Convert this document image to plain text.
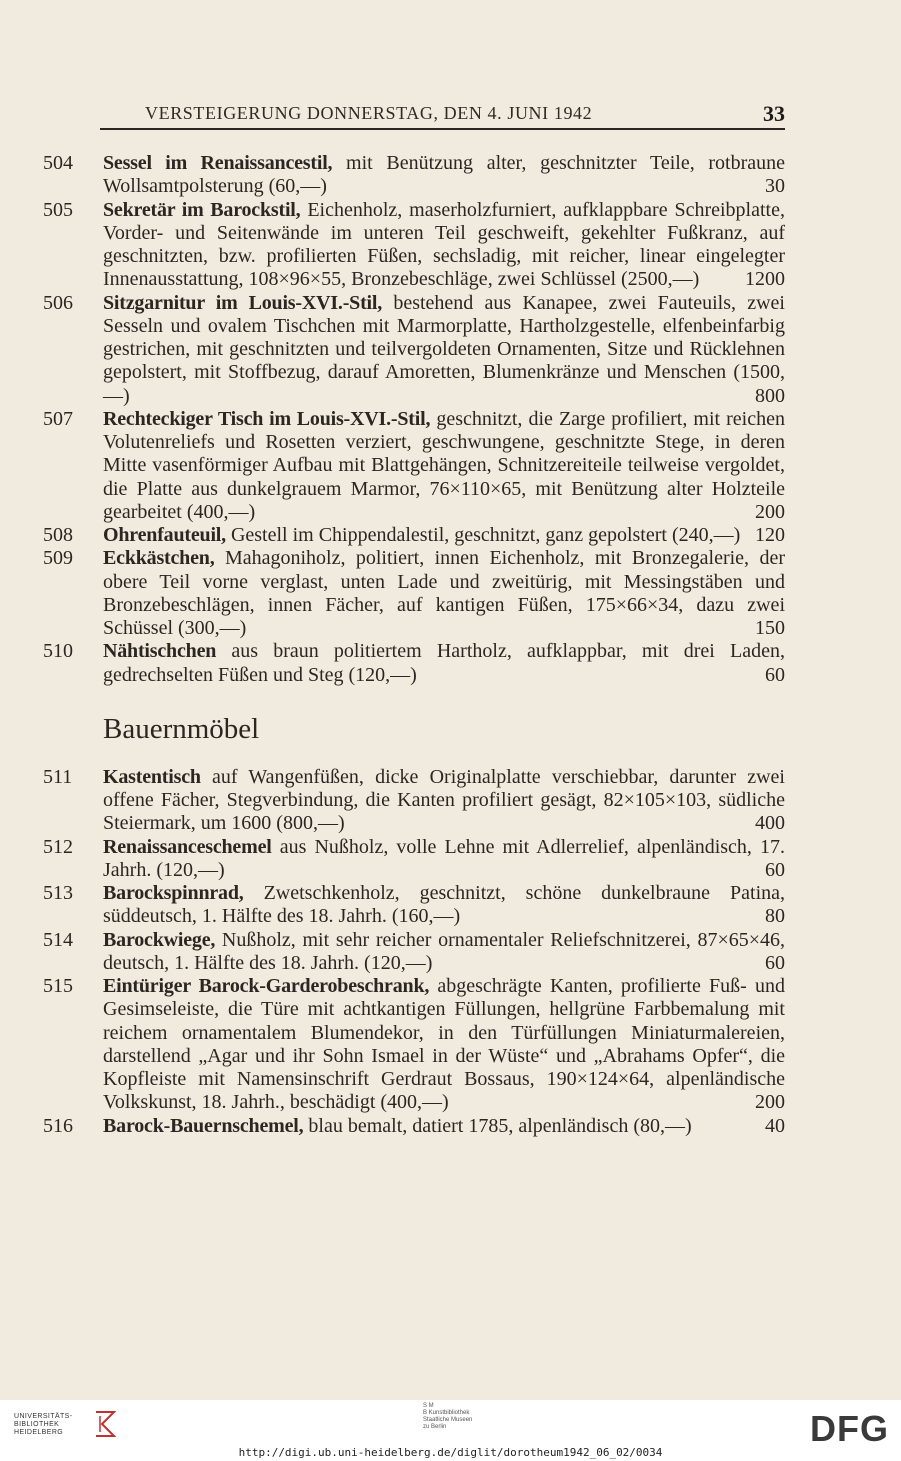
VERSTEIGERUNG DONNERSTAG, DEN 4. JUNI 1942	33
504	Sessel im Renaissancestil, mit Benützung alter, geschnitzter Teile, rotbraune Wollsamtpolsterung (60,—)	30
505	Sekretär im Barockstil, Eichenholz, maserholzfurniert, aufklappbare Schreibplatte, Vorder- und Seitenwände im unteren Teil geschweift, gekehlter Fußkranz, auf geschnitzten, bzw. profilierten Füßen, sechsladig, mit reicher, linear eingelegter Innenausstattung, 108×96×55, Bronzebeschläge, zwei Schlüssel (2500,—) 1200
506	Sitzgarnitur im Louis-XVI.-Stil, bestehend aus Kanapee, zwei Fauteuils, zwei Sesseln und ovalem Tischchen mit Marmorplatte, Hartholzgestelle, elfenbeinfarbig gestrichen, mit geschnitzten und teilvergoldeten Ornamenten, Sitze und Rücklehnen gepolstert, mit Stoffbezug, darauf Amoretten, Blumenkränze und Menschen (1500,—)	800
507	Rechteckiger Tisch im Louis-XVI.-Stil, geschnitzt, die Zarge profiliert, mit reichen Volutenreliefs und Rosetten verziert, geschwungene, geschnitzte Stege, in deren Mitte vasenförmiger Aufbau mit Blattgehängen, Schnitzereiteile teilweise vergoldet, die Platte aus dunkelgrauem Marmor, 76×110×65, mit Benützung alter Holzteile gearbeitet (400,—)	200
508	Ohrenfauteuil, Gestell im Chippendalestil, geschnitzt, ganz gepolstert (240,—) 120
509	Eckkästchen, Mahagoniholz, politiert, innen Eichenholz, mit Bronzegalerie, der obere Teil vorne verglast, unten Lade und zweitürig, mit Messingstäben und Bronzebeschlägen, innen Fächer, auf kantigen Füßen, 175×66×34, dazu zwei Schüssel (300,—)	150
510	Nähtischchen aus braun politiertem Hartholz, aufklappbar, mit drei Laden, gedrechselten Füßen und Steg (120,—)	60
Bauernmöbel
511	Kastentisch auf Wangenfüßen, dicke Originalplatte verschiebbar, darunter zwei offene Fächer, Stegverbindung, die Kanten profiliert gesägt, 82×105×103, südliche Steiermark, um 1600 (800,—)	400
512	Renaissanceschemel aus Nußholz, volle Lehne mit Adlerrelief, alpenländisch, 17. Jahrh. (120,—)	60
513	Barockspinnrad, Zwetschkenholz, geschnitzt, schöne dunkelbraune Patina, süddeutsch, 1. Hälfte des 18. Jahrh. (160,—)	80
514	Barockwiege, Nußholz, mit sehr reicher ornamentaler Reliefschnitzerei, 87×65×46, deutsch, 1. Hälfte des 18. Jahrh. (120,—)	60
515	Eintüriger Barock-Garderobeschrank, abgeschrägte Kanten, profilierte Fuß- und Gesimseleiste, die Türe mit achtkantigen Füllungen, hellgrüne Farbbemalung mit reichem ornamentalem Blumendekor, in den Türfüllungen Miniaturmalereien, darstellend „Agar und ihr Sohn Ismael in der Wüste“ und „Abrahams Opfer“, die Kopfleiste mit Namensinschrift Gerdraut Bossaus, 190×124×64, alpenländische Volkskunst, 18. Jahrh., beschädigt (400,—)	200
516	Barock-Bauernschemel, blau bemalt, datiert 1785, alpenländisch (80,—)	40
UNIVERSITÄTS-
BIBLIOTHEK
HEIDELBERG
S M
B Kunstbibliothek
Staatliche Museen
zu Berlin	DFG
http://digi.ub.uni-heidelberg.de/diglit/dorotheum1942_06_02/0034
